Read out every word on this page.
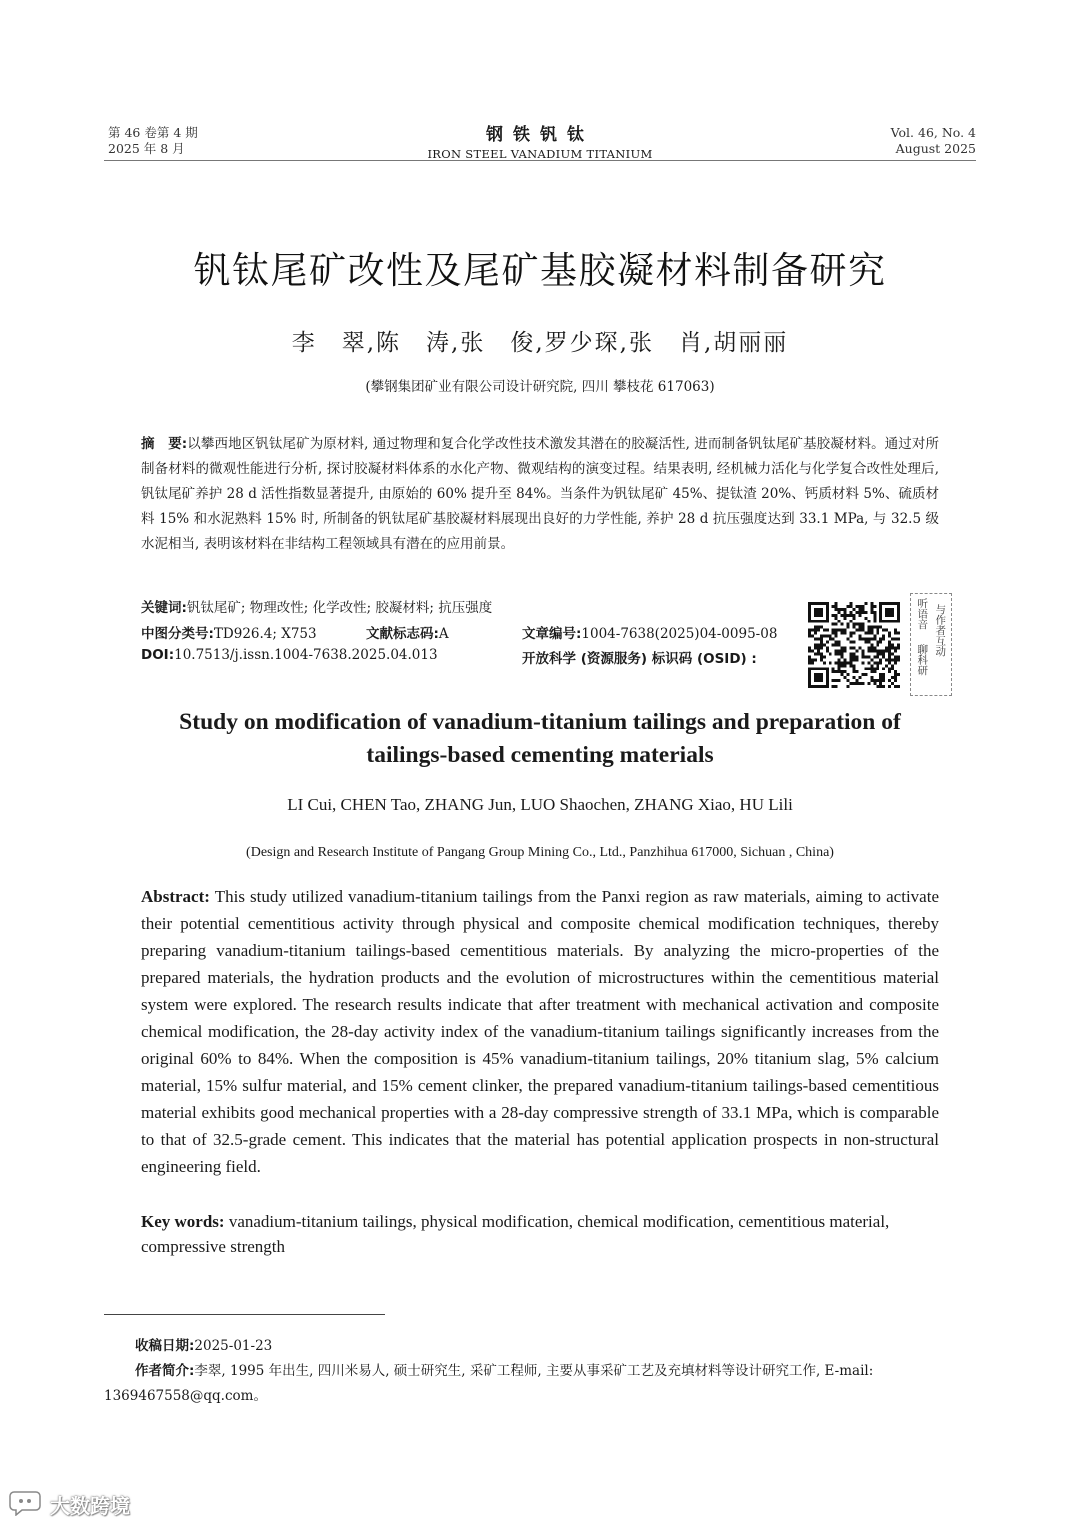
第 46 卷第 4 期
2025 年 8 月
钢铁钒钛
IRON STEEL VANADIUM TITANIUM
Vol. 46, No. 4
August 2025
钒钛尾矿改性及尾矿基胶凝材料制备研究
李　翠,陈　涛,张　俊,罗少琛,张　肖,胡丽丽
(攀钢集团矿业有限公司设计研究院, 四川 攀枝花 617063)
摘　要:以攀西地区钒钛尾矿为原材料, 通过物理和复合化学改性技术激发其潜在的胶凝活性, 进而制备钒钛尾矿基胶凝材料。通过对所制备材料的微观性能进行分析, 探讨胶凝材料体系的水化产物、微观结构的演变过程。结果表明, 经机械力活化与化学复合改性处理后, 钒钛尾矿养护 28 d 活性指数显著提升, 由原始的 60% 提升至 84%。当条件为钒钛尾矿 45%、提钛渣 20%、钙质材料 5%、硫质材料 15% 和水泥熟料 15% 时, 所制备的钒钛尾矿基胶凝材料展现出良好的力学性能, 养护 28 d 抗压强度达到 33.1 MPa, 与 32.5 级水泥相当, 表明该材料在非结构工程领域具有潜在的应用前景。
关键词:钒钛尾矿; 物理改性; 化学改性; 胶凝材料; 抗压强度
中图分类号:TD926.4; X753	文献标志码:A	文章编号:1004-7638(2025)04-0095-08
DOI:10.7513/j.issn.1004-7638.2025.04.013	开放科学 (资源服务) 标识码 (OSID) :
听语音
聊科研
与作者互动
Study on modification of vanadium-titanium tailings and preparation of
tailings-based cementing materials
LI Cui, CHEN Tao, ZHANG Jun, LUO Shaochen, ZHANG Xiao, HU Lili
(Design and Research Institute of Pangang Group Mining Co., Ltd., Panzhihua 617000, Sichuan , China)
Abstract: This study utilized vanadium-titanium tailings from the Panxi region as raw materials, aiming to activate their potential cementitious activity through physical and composite chemical modification techniques, thereby preparing vanadium-titanium tailings-based cementitious materials. By analyzing the micro-properties of the prepared materials, the hydration products and the evolution of microstructures within the cementitious material system were explored. The research results indicate that after treatment with mechanical activation and composite chemical modification, the 28-day activity index of the vanadium-titanium tailings significantly increases from the original 60% to 84%. When the composition is 45% vanadium-titanium tailings, 20% titanium slag, 5% calcium material, 15% sulfur material, and 15% cement clinker, the prepared vanadium-titanium tailings-based cementitious material exhibits good mechanical properties with a 28-day compressive strength of 33.1 MPa, which is comparable to that of 32.5-grade cement. This indicates that the material has potential application prospects in non-structural engineering field.
Key words: vanadium-titanium tailings, physical modification, chemical modification, cementitious material, compressive strength
收稿日期:2025-01-23
作者简介:李翠, 1995 年出生, 四川米易人, 硕士研究生, 采矿工程师, 主要从事采矿工艺及充填材料等设计研究工作, E-mail: 1369467558@qq.com。
大数跨境
